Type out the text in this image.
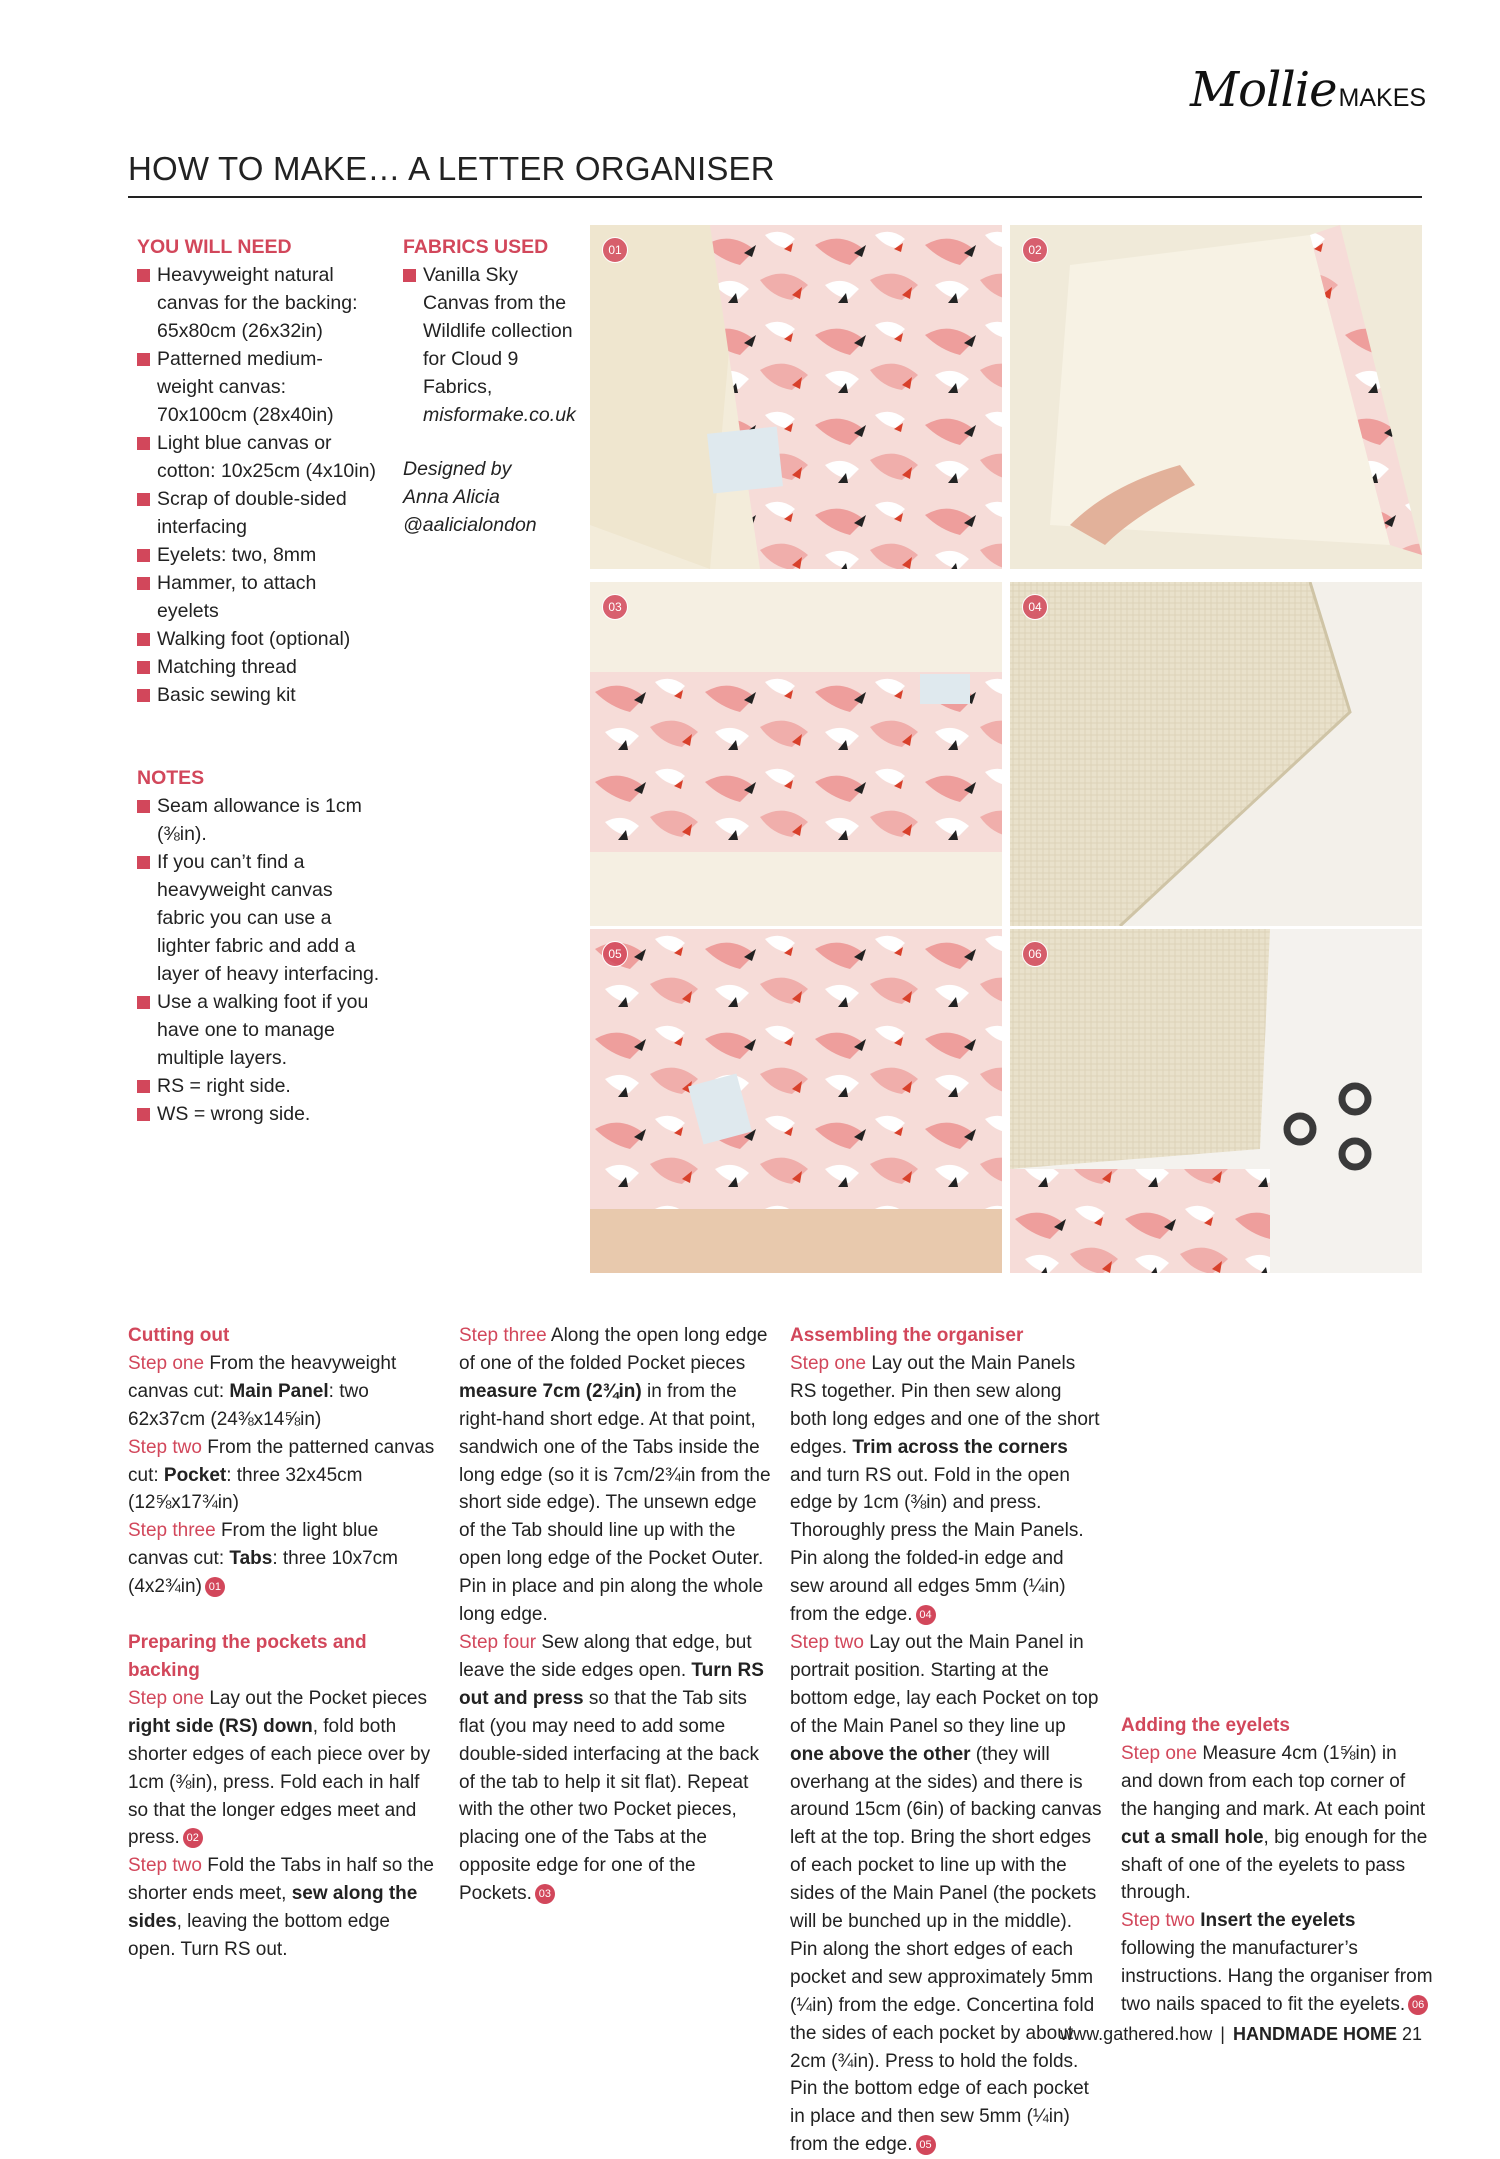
MollieMAKES
HOW TO MAKE… A LETTER ORGANISER
YOU WILL NEED
Heavyweight natural canvas for the backing: 65x80cm (26x32in)
Patterned medium-weight canvas: 70x100cm (28x40in)
Light blue canvas or cotton: 10x25cm (4x10in)
Scrap of double-sided interfacing
Eyelets: two, 8mm
Hammer, to attach eyelets
Walking foot (optional)
Matching thread
Basic sewing kit
NOTES
Seam allowance is 1cm (⅜in).
If you can’t find a heavyweight canvas fabric you can use a lighter fabric and add a layer of heavy interfacing.
Use a walking foot if you have one to manage multiple layers.
RS = right side.
WS = wrong side.
FABRICS USED
Vanilla Sky Canvas from the Wildlife collection for Cloud 9 Fabrics, misformake.co.uk
Designed by
Anna Alicia
@aalicialondon
01	02
03	04
05	06
Cutting out

Step one From the heavyweight canvas cut: Main Panel: two 62x37cm (24⅜x14⅝in)

Step two From the patterned canvas cut: Pocket: three 32x45cm (12⅝x17¾in)

Step three From the light blue canvas cut: Tabs: three 10x7cm (4x2¾in) 01

Preparing the pockets and backing

Step one Lay out the Pocket pieces right side (RS) down, fold both shorter edges of each piece over by 1cm (⅜in), press. Fold each in half so that the longer edges meet and press. 02

Step two Fold the Tabs in half so the shorter ends meet, sew along the sides, leaving the bottom edge open. Turn RS out.

Step three Along the open long edge of one of the folded Pocket pieces measure 7cm (2¾in) in from the right-hand short edge. At that point, sandwich one of the Tabs inside the long edge (so it is 7cm/2¾in from the short side edge). The unsewn edge of the Tab should line up with the open long edge of the Pocket Outer. Pin in place and pin along the whole long edge.

Step four Sew along that edge, but leave the side edges open. Turn RS out and press so that the Tab sits flat (you may need to add some double-sided interfacing at the back of the tab to help it sit flat). Repeat with the other two Pocket pieces, placing one of the Tabs at the opposite edge for one of the Pockets. 03

Assembling the organiser

Step one Lay out the Main Panels RS together. Pin then sew along both long edges and one of the short edges. Trim across the corners and turn RS out. Fold in the open edge by 1cm (⅜in) and press. Thoroughly press the Main Panels. Pin along the folded-in edge and sew around all edges 5mm (¼in) from the edge. 04

Step two Lay out the Main Panel in portrait position. Starting at the bottom edge, lay each Pocket on top of the Main Panel so they line up one above the other (they will overhang at the sides) and there is around 15cm (6in) of backing canvas left at the top. Bring the short edges of each pocket to line up with the sides of the Main Panel (the pockets will be bunched up in the middle). Pin along the short edges of each pocket and sew approximately 5mm (¼in) from the edge. Concertina fold the sides of each pocket by about 2cm (¾in). Press to hold the folds. Pin the bottom edge of each pocket in place and then sew 5mm (¼in) from the edge. 05

Adding the eyelets

Step one Measure 4cm (1⅝in) in and down from each top corner of the hanging and mark. At each point cut a small hole, big enough for the shaft of one of the eyelets to pass through.

Step two Insert the eyelets following the manufacturer’s instructions. Hang the organiser from two nails spaced to fit the eyelets. 06

www.gathered.how | HANDMADE HOME 21
